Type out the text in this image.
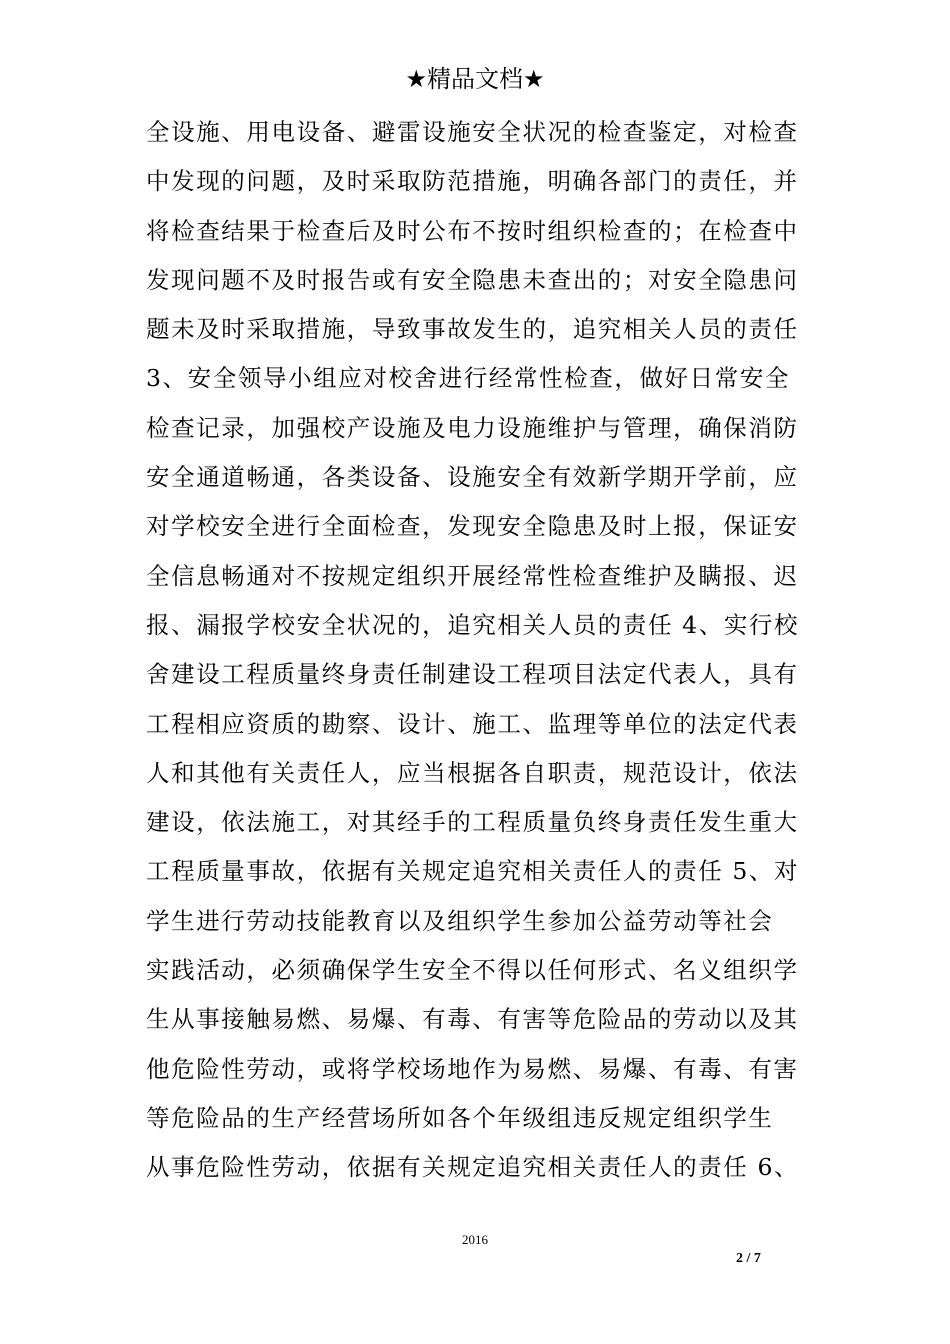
★精品文档★
全设施、用电设备、避雷设施安全状况的检查鉴定，对检查
中发现的问题，及时采取防范措施，明确各部门的责任，并
将检查结果于检查后及时公布不按时组织检查的；在检查中
发现问题不及时报告或有安全隐患未查出的；对安全隐患问
题未及时采取措施，导致事故发生的，追究相关人员的责任
3、安全领导小组应对校舍进行经常性检查，做好日常安全
检查记录，加强校产设施及电力设施维护与管理，确保消防
安全通道畅通，各类设备、设施安全有效新学期开学前，应
对学校安全进行全面检查，发现安全隐患及时上报，保证安
全信息畅通对不按规定组织开展经常性检查维护及瞒报、迟
报、漏报学校安全状况的，追究相关人员的责任 4、实行校
舍建设工程质量终身责任制建设工程项目法定代表人，具有
工程相应资质的勘察、设计、施工、监理等单位的法定代表
人和其他有关责任人，应当根据各自职责，规范设计，依法
建设，依法施工，对其经手的工程质量负终身责任发生重大
工程质量事故，依据有关规定追究相关责任人的责任 5、对
学生进行劳动技能教育以及组织学生参加公益劳动等社会
实践活动，必须确保学生安全不得以任何形式、名义组织学
生从事接触易燃、易爆、有毒、有害等危险品的劳动以及其
他危险性劳动，或将学校场地作为易燃、易爆、有毒、有害
等危险品的生产经营场所如各个年级组违反规定组织学生
从事危险性劳动，依据有关规定追究相关责任人的责任 6、
2016
2 / 7
